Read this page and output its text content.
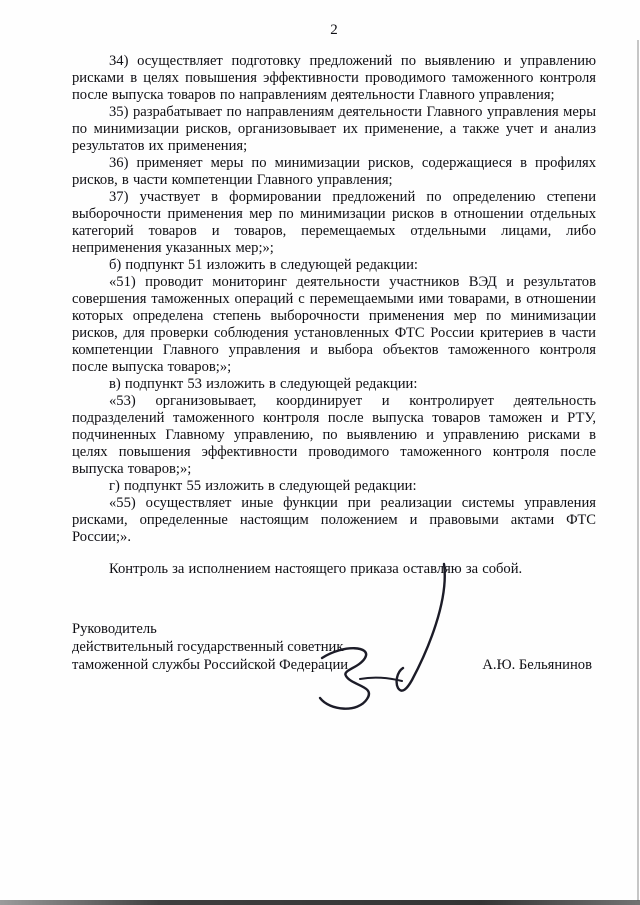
2

34) осуществляет подготовку предложений по выявлению и управлению рисками в целях повышения эффективности проводимого таможенного контроля после выпуска товаров по направлениям деятельности Главного управления;

35) разрабатывает по направлениям деятельности Главного управления меры по минимизации рисков, организовывает их применение, а также учет и анализ результатов их применения;

36) применяет меры по минимизации рисков, содержащиеся в профилях рисков, в части компетенции Главного управления;

37) участвует в формировании предложений по определению степени выборочности применения мер по минимизации рисков в отношении отдельных категорий товаров и товаров, перемещаемых отдельными лицами, либо неприменения указанных мер;»;

б) подпункт 51 изложить в следующей редакции:

«51) проводит мониторинг деятельности участников ВЭД и результатов совершения таможенных операций с перемещаемыми ими товарами, в отношении которых определена степень выборочности применения мер по минимизации рисков, для проверки соблюдения установленных ФТС России критериев в части компетенции Главного управления и выбора объектов таможенного контроля после выпуска товаров;»;

в) подпункт 53 изложить в следующей редакции:

«53) организовывает, координирует и контролирует деятельность подразделений таможенного контроля после выпуска товаров таможен и РТУ, подчиненных Главному управлению, по выявлению и управлению рисками в целях повышения эффективности проводимого таможенного контроля после выпуска товаров;»;

г) подпункт 55 изложить в следующей редакции:

«55) осуществляет иные функции при реализации системы управления рисками, определенные настоящим положением и правовыми актами ФТС России;».

Контроль за исполнением настоящего приказа оставляю за собой.

Руководитель
действительный государственный советник
таможенной службы Российской Федерации	А.Ю. Бельянинов
